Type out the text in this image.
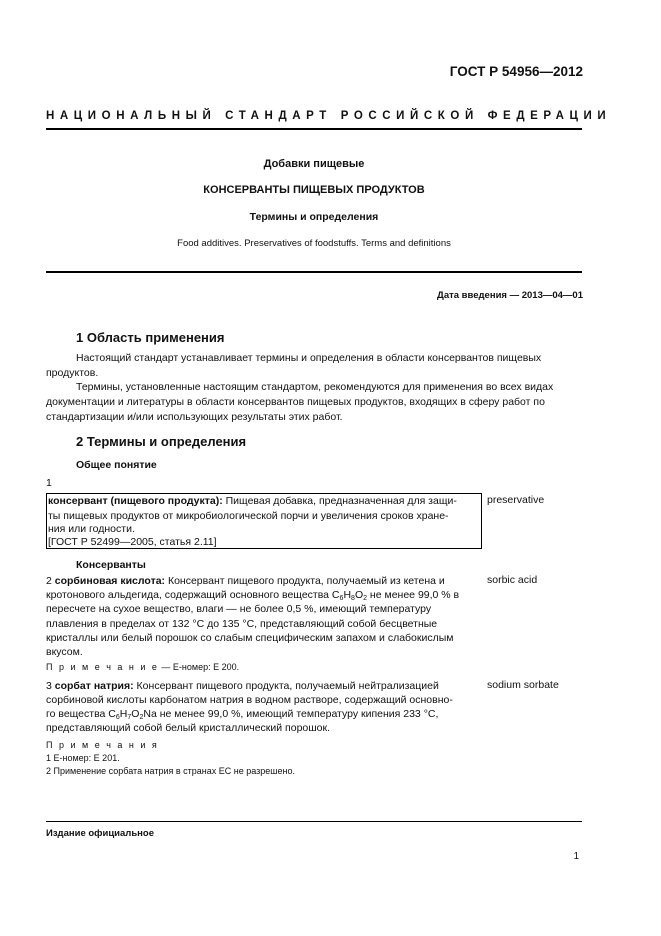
ГОСТ Р 54956—2012
НАЦИОНАЛЬНЫЙ СТАНДАРТ РОССИЙСКОЙ ФЕДЕРАЦИИ
Добавки пищевые
КОНСЕРВАНТЫ ПИЩЕВЫХ ПРОДУКТОВ
Термины и определения
Food additives. Preservatives of foodstuffs. Terms and definitions
Дата введения — 2013—04—01
1 Область применения
Настоящий стандарт устанавливает термины и определения в области консервантов пищевых
продуктов.
Термины, установленные настоящим стандартом, рекомендуются для применения во всех видах
документации и литературы в области консервантов пищевых продуктов, входящих в сферу работ по
стандартизации и/или использующих результаты этих работ.
2 Термины и определения
Общее понятие
1
консервант (пищевого продукта): Пищевая добавка, предназначенная для защи-
ты пищевых продуктов от микробиологической порчи и увеличения сроков хране-
ния или годности.
[ГОСТ Р 52499—2005, статья 2.11]
preservative
Консерванты
2 сорбиновая кислота: Консервант пищевого продукта, получаемый из кетена и
кротонового альдегида, содержащий основного вещества $C_6H_8O_2$ не менее 99,0 % в
пересчете на сухое вещество, влаги — не более 0,5 %, имеющий температуру
плавления в пределах от 132 °С до 135 °С, представляющий собой бесцветные
кристаллы или белый порошок со слабым специфическим запахом и слабокислым
вкусом.
sorbic acid
П р и м е ч а н и е — Е-номер: Е 200.
3 сорбат натрия: Консервант пищевого продукта, получаемый нейтрализацией
сорбиновой кислоты карбонатом натрия в водном растворе, содержащий основно-
го вещества $C_6H_7O_2Na$ не менее 99,0 %, имеющий температуру кипения 233 °С,
представляющий собой белый кристаллический порошок.
sodium sorbate
П р и м е ч а н и я
1 Е-номер: Е 201.
2 Применение сорбата натрия в странах ЕС не разрешено.
Издание официальное
1
